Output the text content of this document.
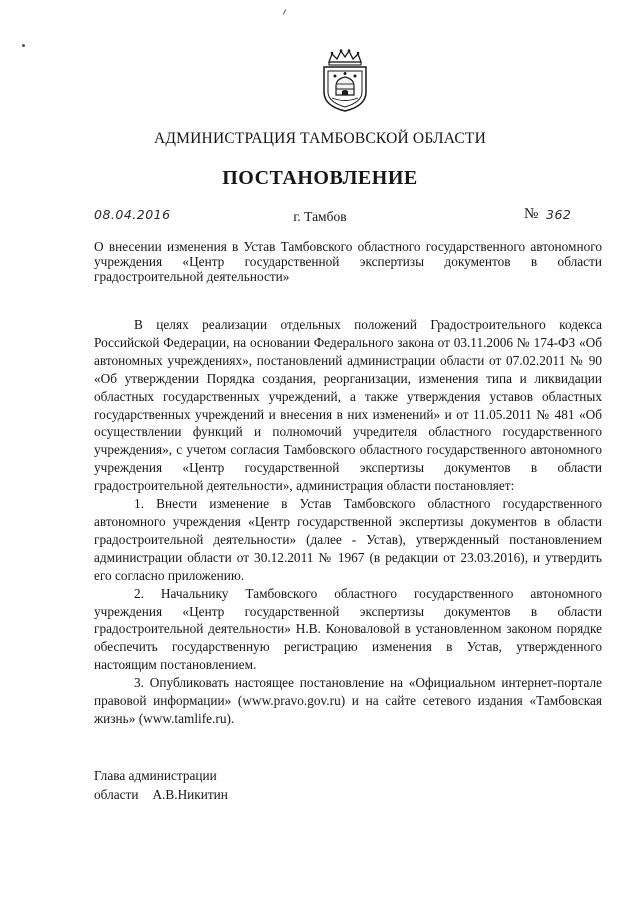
АДМИНИСТРАЦИЯ ТАМБОВСКОЙ ОБЛАСТИ
ПОСТАНОВЛЕНИЕ
08.04.2016	г. Тамбов	№ 362
О внесении изменения в Устав Тамбовского областного государственного автономного учреждения «Центр государственной экспертизы документов в области градостроительной деятельности»

В целях реализации отдельных положений Градостроительного кодекса Российской Федерации, на основании Федерального закона от 03.11.2006 № 174-ФЗ «Об автономных учреждениях», постановлений администрации области от 07.02.2011 № 90 «Об утверждении Порядка создания, реорганизации, изменения типа и ликвидации областных государственных учреждений, а также утверждения уставов областных государственных учреждений и внесения в них изменений» и от 11.05.2011 № 481 «Об осуществлении функций и полномочий учредителя областного государственного учреждения», с учетом согласия Тамбовского областного государственного автономного учреждения «Центр государственной экспертизы документов в области градостроительной деятельности», администрация области постановляет:

1. Внести изменение в Устав Тамбовского областного государственного автономного учреждения «Центр государственной экспертизы документов в области градостроительной деятельности» (далее - Устав), утвержденный постановлением администрации области от 30.12.2011 № 1967 (в редакции от 23.03.2016), и утвердить его согласно приложению.

2. Начальнику Тамбовского областного государственного автономного учреждения «Центр государственной экспертизы документов в области градостроительной деятельности» Н.В. Коноваловой в установленном законом порядке обеспечить государственную регистрацию изменения в Устав, утвержденного настоящим постановлением.

3. Опубликовать настоящее постановление на «Официальном интернет-портале правовой информации» (www.pravo.gov.ru) и на сайте сетевого издания «Тамбовская жизнь» (www.tamlife.ru).

Глава администрации
области А.В.Никитин
